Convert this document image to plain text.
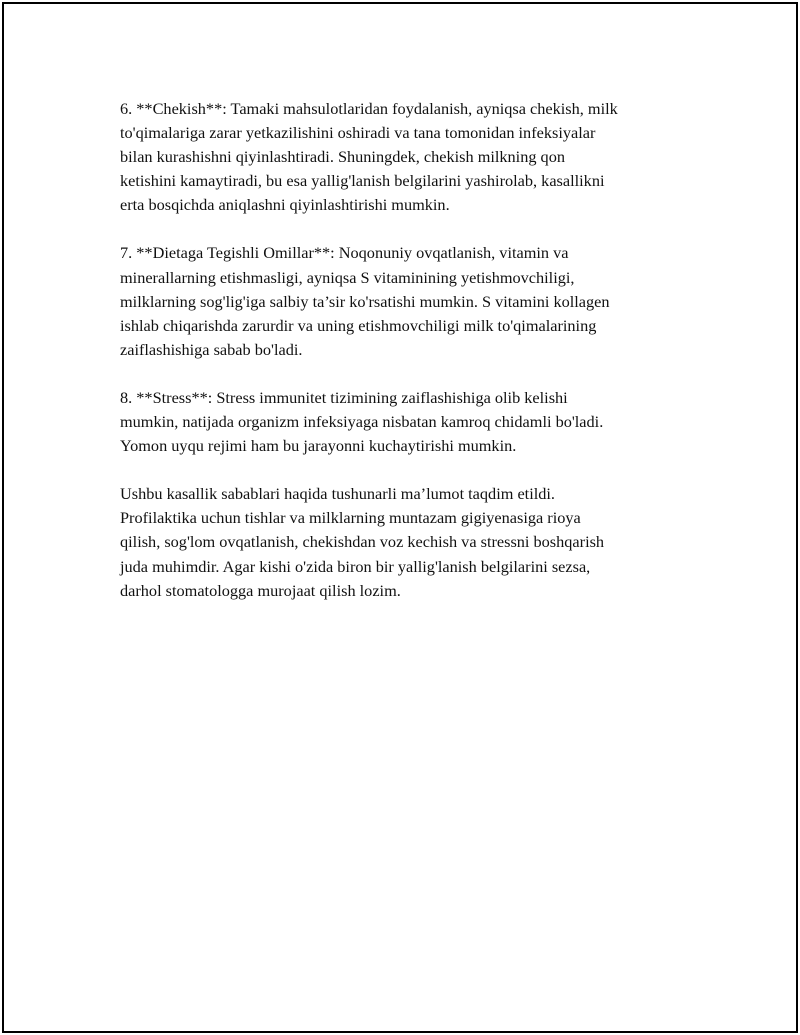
6. **Chekish**: Tamaki mahsulotlaridan foydalanish, ayniqsa chekish, milk
to'qimalariga zarar yetkazilishini oshiradi va tana tomonidan infeksiyalar
bilan kurashishni qiyinlashtiradi. Shuningdek, chekish milkning qon
ketishini kamaytiradi, bu esa yallig'lanish belgilarini yashirolab, kasallikni
erta bosqichda aniqlashni qiyinlashtirishi mumkin.

7. **Dietaga Tegishli Omillar**: Noqonuniy ovqatlanish, vitamin va
minerallarning etishmasligi, ayniqsa S vitaminining yetishmovchiligi,
milklarning sog'lig'iga salbiy ta’sir ko'rsatishi mumkin. S vitamini kollagen
ishlab chiqarishda zarurdir va uning etishmovchiligi milk to'qimalarining
zaiflashishiga sabab bo'ladi.

8. **Stress**: Stress immunitet tizimining zaiflashishiga olib kelishi
mumkin, natijada organizm infeksiyaga nisbatan kamroq chidamli bo'ladi.
Yomon uyqu rejimi ham bu jarayonni kuchaytirishi mumkin.

Ushbu kasallik sabablari haqida tushunarli ma’lumot taqdim etildi.
Profilaktika uchun tishlar va milklarning muntazam gigiyenasiga rioya
qilish, sog'lom ovqatlanish, chekishdan voz kechish va stressni boshqarish
juda muhimdir. Agar kishi o'zida biron bir yallig'lanish belgilarini sezsa,
darhol stomatologga murojaat qilish lozim.
